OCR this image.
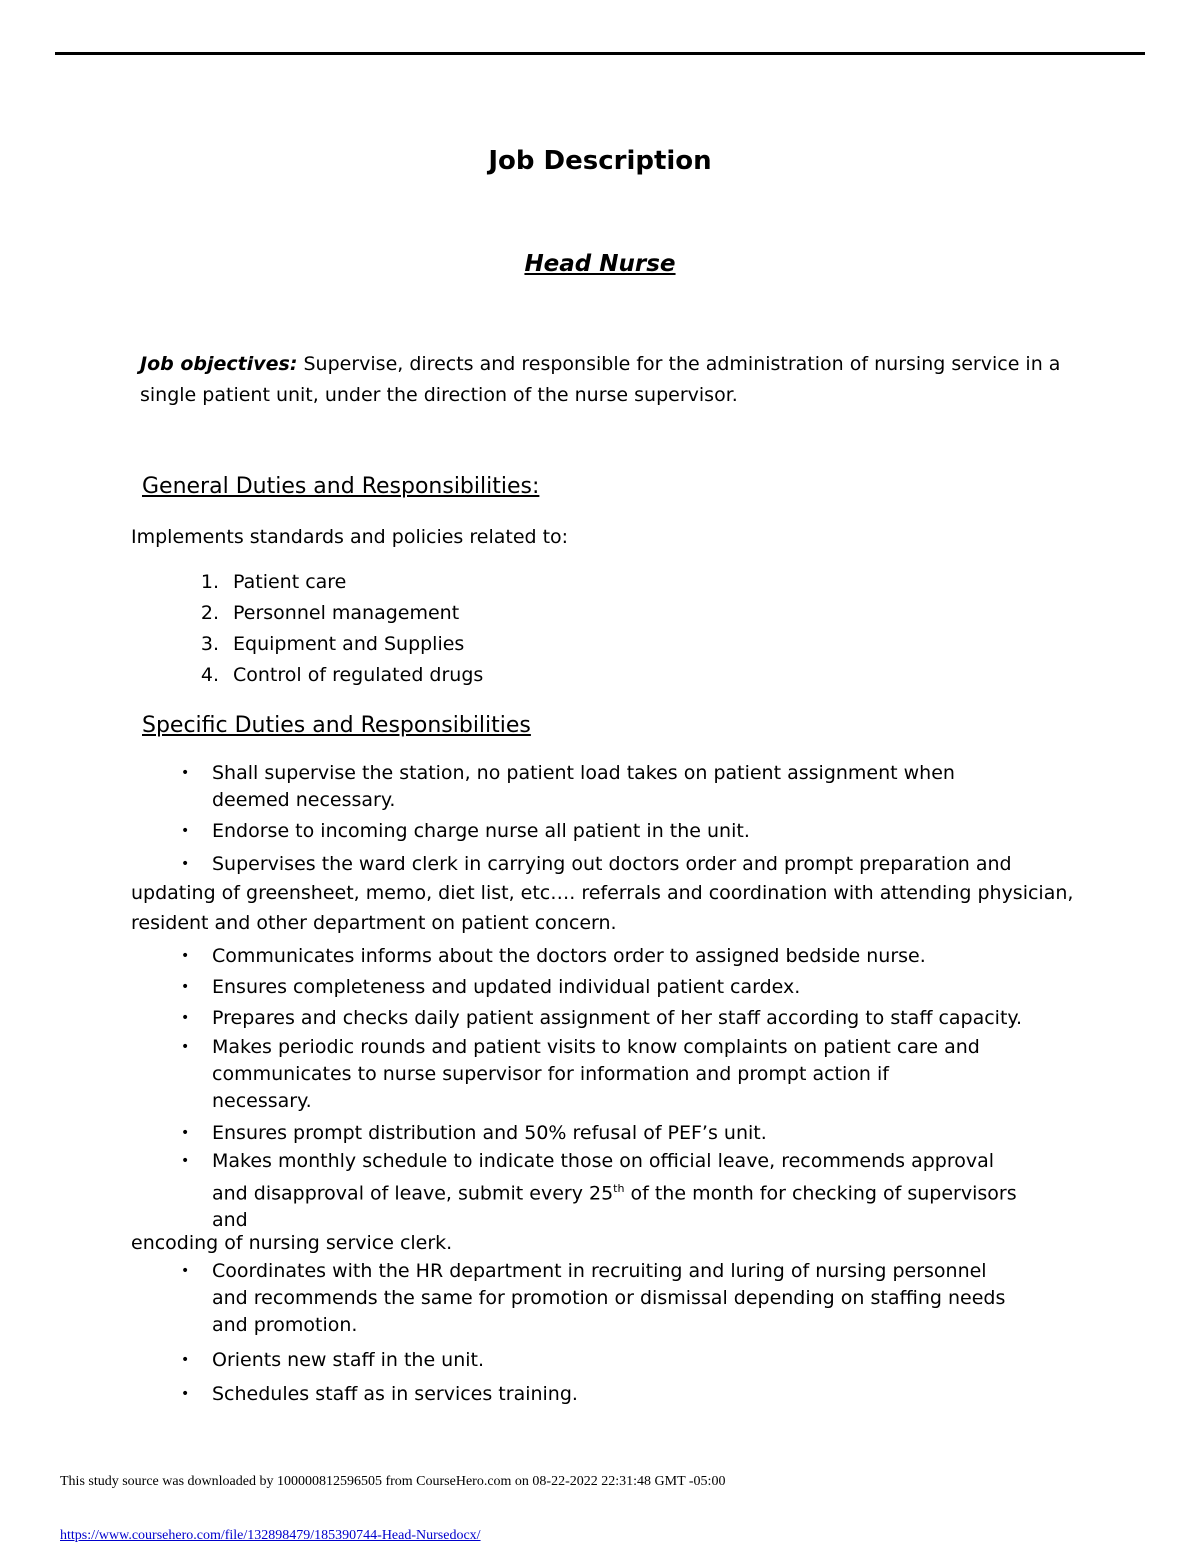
Job Description
Head Nurse
Job objectives: Supervise, directs and responsible for the administration of nursing service in a
single patient unit, under the direction of the nurse supervisor.
General Duties and Responsibilities:
Implements standards and policies related to:
1. Patient care
2. Personnel management
3. Equipment and Supplies
4. Control of regulated drugs
Specific Duties and Responsibilities
• Shall supervise the station, no patient load takes on patient assignment when
deemed necessary.
• Endorse to incoming charge nurse all patient in the unit.
• Supervises the ward clerk in carrying out doctors order and prompt preparation and
updating of greensheet, memo, diet list, etc…. referrals and coordination with attending physician,
resident and other department on patient concern.
• Communicates informs about the doctors order to assigned bedside nurse.
• Ensures completeness and updated individual patient cardex.
• Prepares and checks daily patient assignment of her staff according to staff capacity.
• Makes periodic rounds and patient visits to know complaints on patient care and
communicates to nurse supervisor for information and prompt action if
necessary.
• Ensures prompt distribution and 50% refusal of PEF’s unit.
• Makes monthly schedule to indicate those on official leave, recommends approval
and disapproval of leave, submit every 25th of the month for checking of supervisors
and
encoding of nursing service clerk.
• Coordinates with the HR department in recruiting and luring of nursing personnel
and recommends the same for promotion or dismissal depending on staffing needs
and promotion.
• Orients new staff in the unit.
• Schedules staff as in services training.
This study source was downloaded by 100000812596505 from CourseHero.com on 08-22-2022 22:31:48 GMT -05:00
https://www.coursehero.com/file/132898479/185390744-Head-Nursedocx/
